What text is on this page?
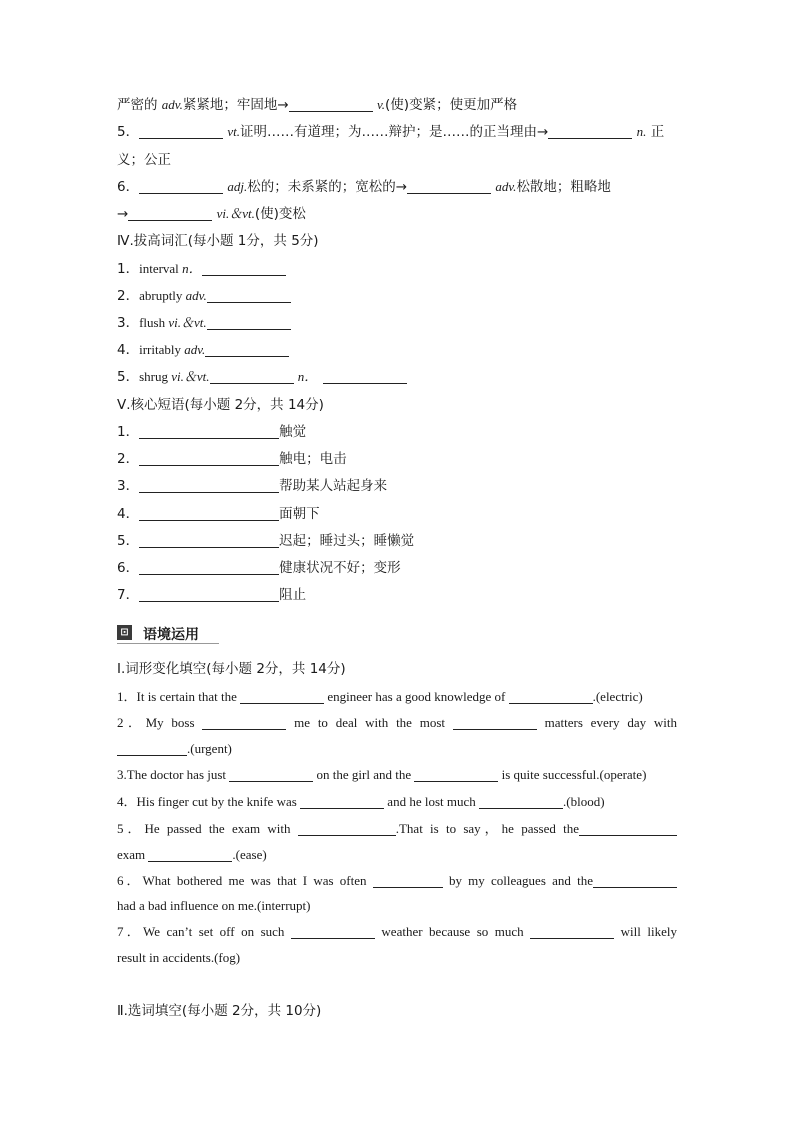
严密的 adv.紧紧地；牢固地→	v.(使)变紧；使更加严格
5．	vt.证明……有道理；为……辩护；是……的正当理由→	n. 正
义；公正
6．	adj.松的；未系紧的；宽松的→	adv.松散地；粗略地
→	vi.＆vt.(使)变松
Ⅳ.拔高词汇(每小题 1分，共 5分)
1．interval n．
2．abruptly adv.
3．flush vi.＆vt.
4．irritably adv.
5．shrug vi.＆vt.	n．
Ⅴ.核心短语(每小题 2分，共 14分)
1．	触觉
2．	触电；电击
3．	帮助某人站起身来
4．	面朝下
5．	迟起；睡过头；睡懒觉
6．	健康状况不好；变形
7．	阻止
⊡ 语境运用
Ⅰ.词形变化填空(每小题 2分，共 14分)
1．It is certain that the	engineer has a good knowledge of	.(electric)
2．My boss	me to deal with the most	matters every day with
.(urgent)
3.The doctor has just	on the girl and the	is quite successful.(operate)
4．His finger cut by the knife was	and he lost much	.(blood)
5．He passed the exam with	.That is to say，he passed the
exam	.(ease)
6．What bothered me was that I was often	by my colleagues and the
had a bad influence on me.(interrupt)
7．We can’t set off on such	weather because so much	will likely
result in accidents.(fog)
Ⅱ.选词填空(每小题 2分，共 10分)
